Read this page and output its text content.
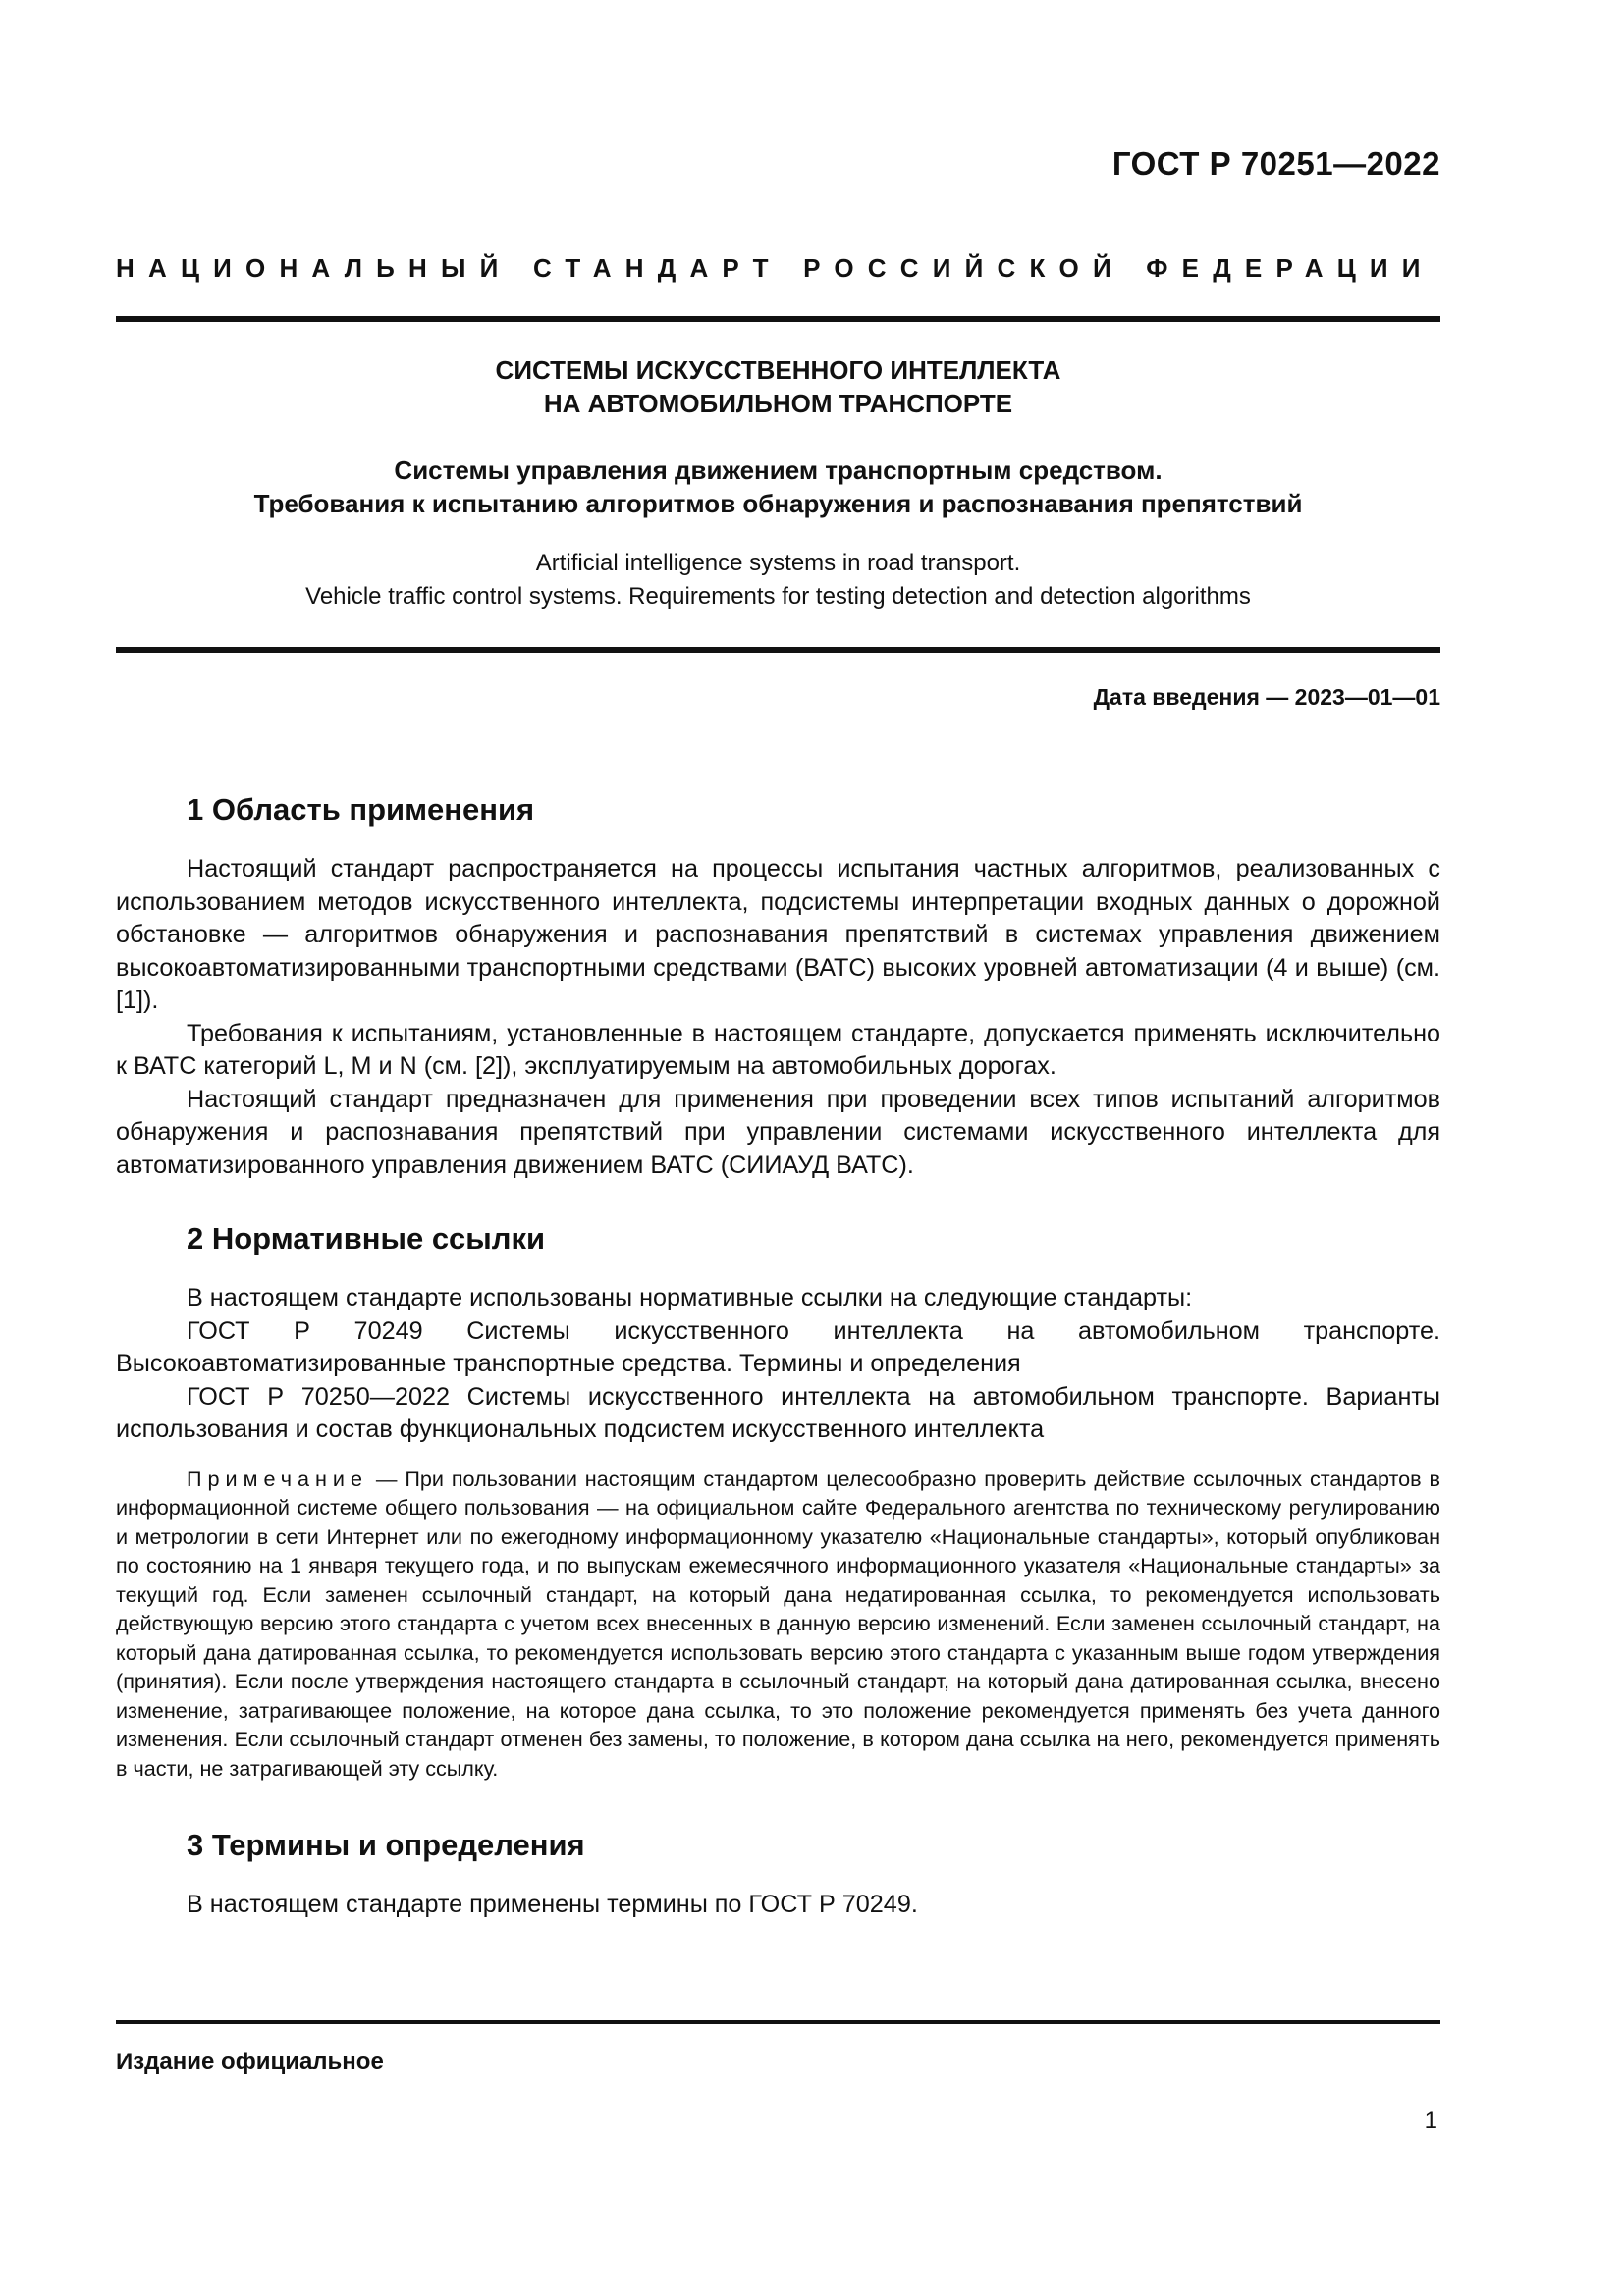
ГОСТ Р 70251—2022
НАЦИОНАЛЬНЫЙ СТАНДАРТ РОССИЙСКОЙ ФЕДЕРАЦИИ
СИСТЕМЫ ИСКУССТВЕННОГО ИНТЕЛЛЕКТА
НА АВТОМОБИЛЬНОМ ТРАНСПОРТЕ
Системы управления движением транспортным средством.
Требования к испытанию алгоритмов обнаружения и распознавания препятствий
Artificial intelligence systems in road transport.
Vehicle traffic control systems. Requirements for testing detection and detection algorithms
Дата введения — 2023—01—01
1 Область применения

Настоящий стандарт распространяется на процессы испытания частных алгоритмов, реализованных с использованием методов искусственного интеллекта, подсистемы интерпретации входных данных о дорожной обстановке — алгоритмов обнаружения и распознавания препятствий в системах управления движением высокоавтоматизированными транспортными средствами (ВАТС) высоких уровней автоматизации (4 и выше) (см. [1]).

Требования к испытаниям, установленные в настоящем стандарте, допускается применять исключительно к ВАТС категорий L, M и N (см. [2]), эксплуатируемым на автомобильных дорогах.

Настоящий стандарт предназначен для применения при проведении всех типов испытаний алгоритмов обнаружения и распознавания препятствий при управлении системами искусственного интеллекта для автоматизированного управления движением ВАТС (СИИАУД ВАТС).

2 Нормативные ссылки

В настоящем стандарте использованы нормативные ссылки на следующие стандарты:

ГОСТ Р 70249 Системы искусственного интеллекта на автомобильном транспорте. Высокоавтоматизированные транспортные средства. Термины и определения

ГОСТ Р 70250—2022 Системы искусственного интеллекта на автомобильном транспорте. Варианты использования и состав функциональных подсистем искусственного интеллекта

Примечание — При пользовании настоящим стандартом целесообразно проверить действие ссылочных стандартов в информационной системе общего пользования — на официальном сайте Федерального агентства по техническому регулированию и метрологии в сети Интернет или по ежегодному информационному указателю «Национальные стандарты», который опубликован по состоянию на 1 января текущего года, и по выпускам ежемесячного информационного указателя «Национальные стандарты» за текущий год. Если заменен ссылочный стандарт, на который дана недатированная ссылка, то рекомендуется использовать действующую версию этого стандарта с учетом всех внесенных в данную версию изменений. Если заменен ссылочный стандарт, на который дана датированная ссылка, то рекомендуется использовать версию этого стандарта с указанным выше годом утверждения (принятия). Если после утверждения настоящего стандарта в ссылочный стандарт, на который дана датированная ссылка, внесено изменение, затрагивающее положение, на которое дана ссылка, то это положение рекомендуется применять без учета данного изменения. Если ссылочный стандарт отменен без замены, то положение, в котором дана ссылка на него, рекомендуется применять в части, не затрагивающей эту ссылку.

3 Термины и определения

В настоящем стандарте применены термины по ГОСТ Р 70249.

Издание официальное
1
